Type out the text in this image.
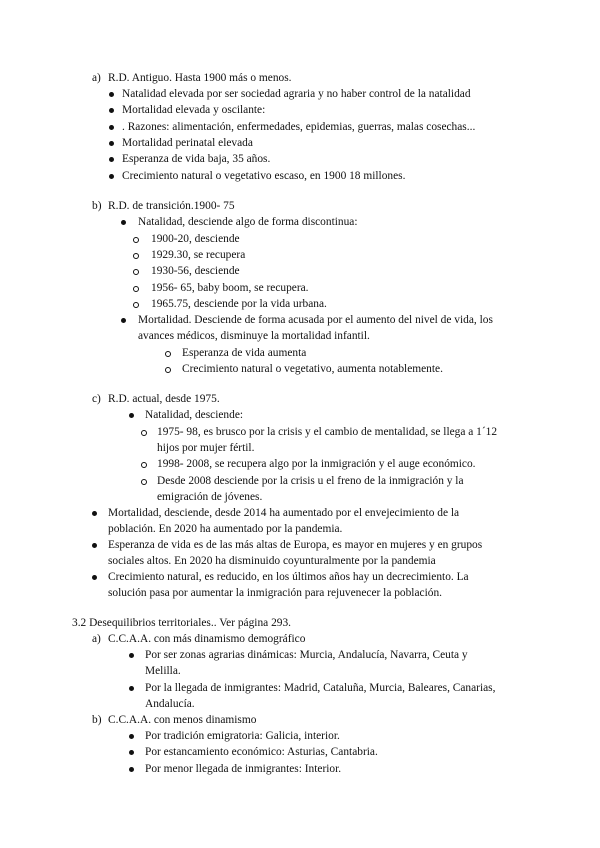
a) R.D. Antiguo. Hasta 1900 más o menos.
Natalidad elevada por ser sociedad agraria y no haber control de la natalidad
Mortalidad elevada y oscilante:
. Razones: alimentación, enfermedades, epidemias, guerras, malas cosechas...
Mortalidad perinatal elevada
Esperanza de vida baja, 35 años.
Crecimiento natural o vegetativo escaso, en 1900 18 millones.
b) R.D. de transición.1900- 75
Natalidad, desciende algo de forma discontinua:
1900-20, desciende
1929.30, se recupera
1930-56, desciende
1956- 65, baby boom, se recupera.
1965.75, desciende por la vida urbana.
Mortalidad. Desciende de forma acusada por el aumento del nivel de vida, los
avances médicos, disminuye la mortalidad infantil.
Esperanza de vida aumenta
Crecimiento natural o vegetativo, aumenta notablemente.
c) R.D. actual, desde 1975.
Natalidad, desciende:
1975- 98, es brusco por la crisis y el cambio de mentalidad, se llega a 1´12
hijos por mujer fértil.
1998- 2008, se recupera algo por la inmigración y el auge económico.
Desde 2008 desciende por la crisis u el freno de la inmigración y la
emigración de jóvenes.
Mortalidad, desciende, desde 2014 ha aumentado por el envejecimiento de la
población. En 2020 ha aumentado por la pandemia.
Esperanza de vida es de las más altas de Europa, es mayor en mujeres y en grupos
sociales altos. En 2020 ha disminuido coyunturalmente por la pandemia
Crecimiento natural, es reducido, en los últimos años hay un decrecimiento. La
solución pasa por aumentar la inmigración para rejuvenecer la población.
3.2 Desequilibrios territoriales.. Ver página 293.
a) C.C.A.A. con más dinamismo demográfico
Por ser zonas agrarias dinámicas: Murcia, Andalucía, Navarra, Ceuta y
Melilla.
Por la llegada de inmigrantes: Madrid, Cataluña, Murcia, Baleares, Canarias,
Andalucía.
b) C.C.A.A. con menos dinamismo
Por tradición emigratoria: Galicia, interior.
Por estancamiento económico: Asturias, Cantabria.
Por menor llegada de inmigrantes: Interior.
